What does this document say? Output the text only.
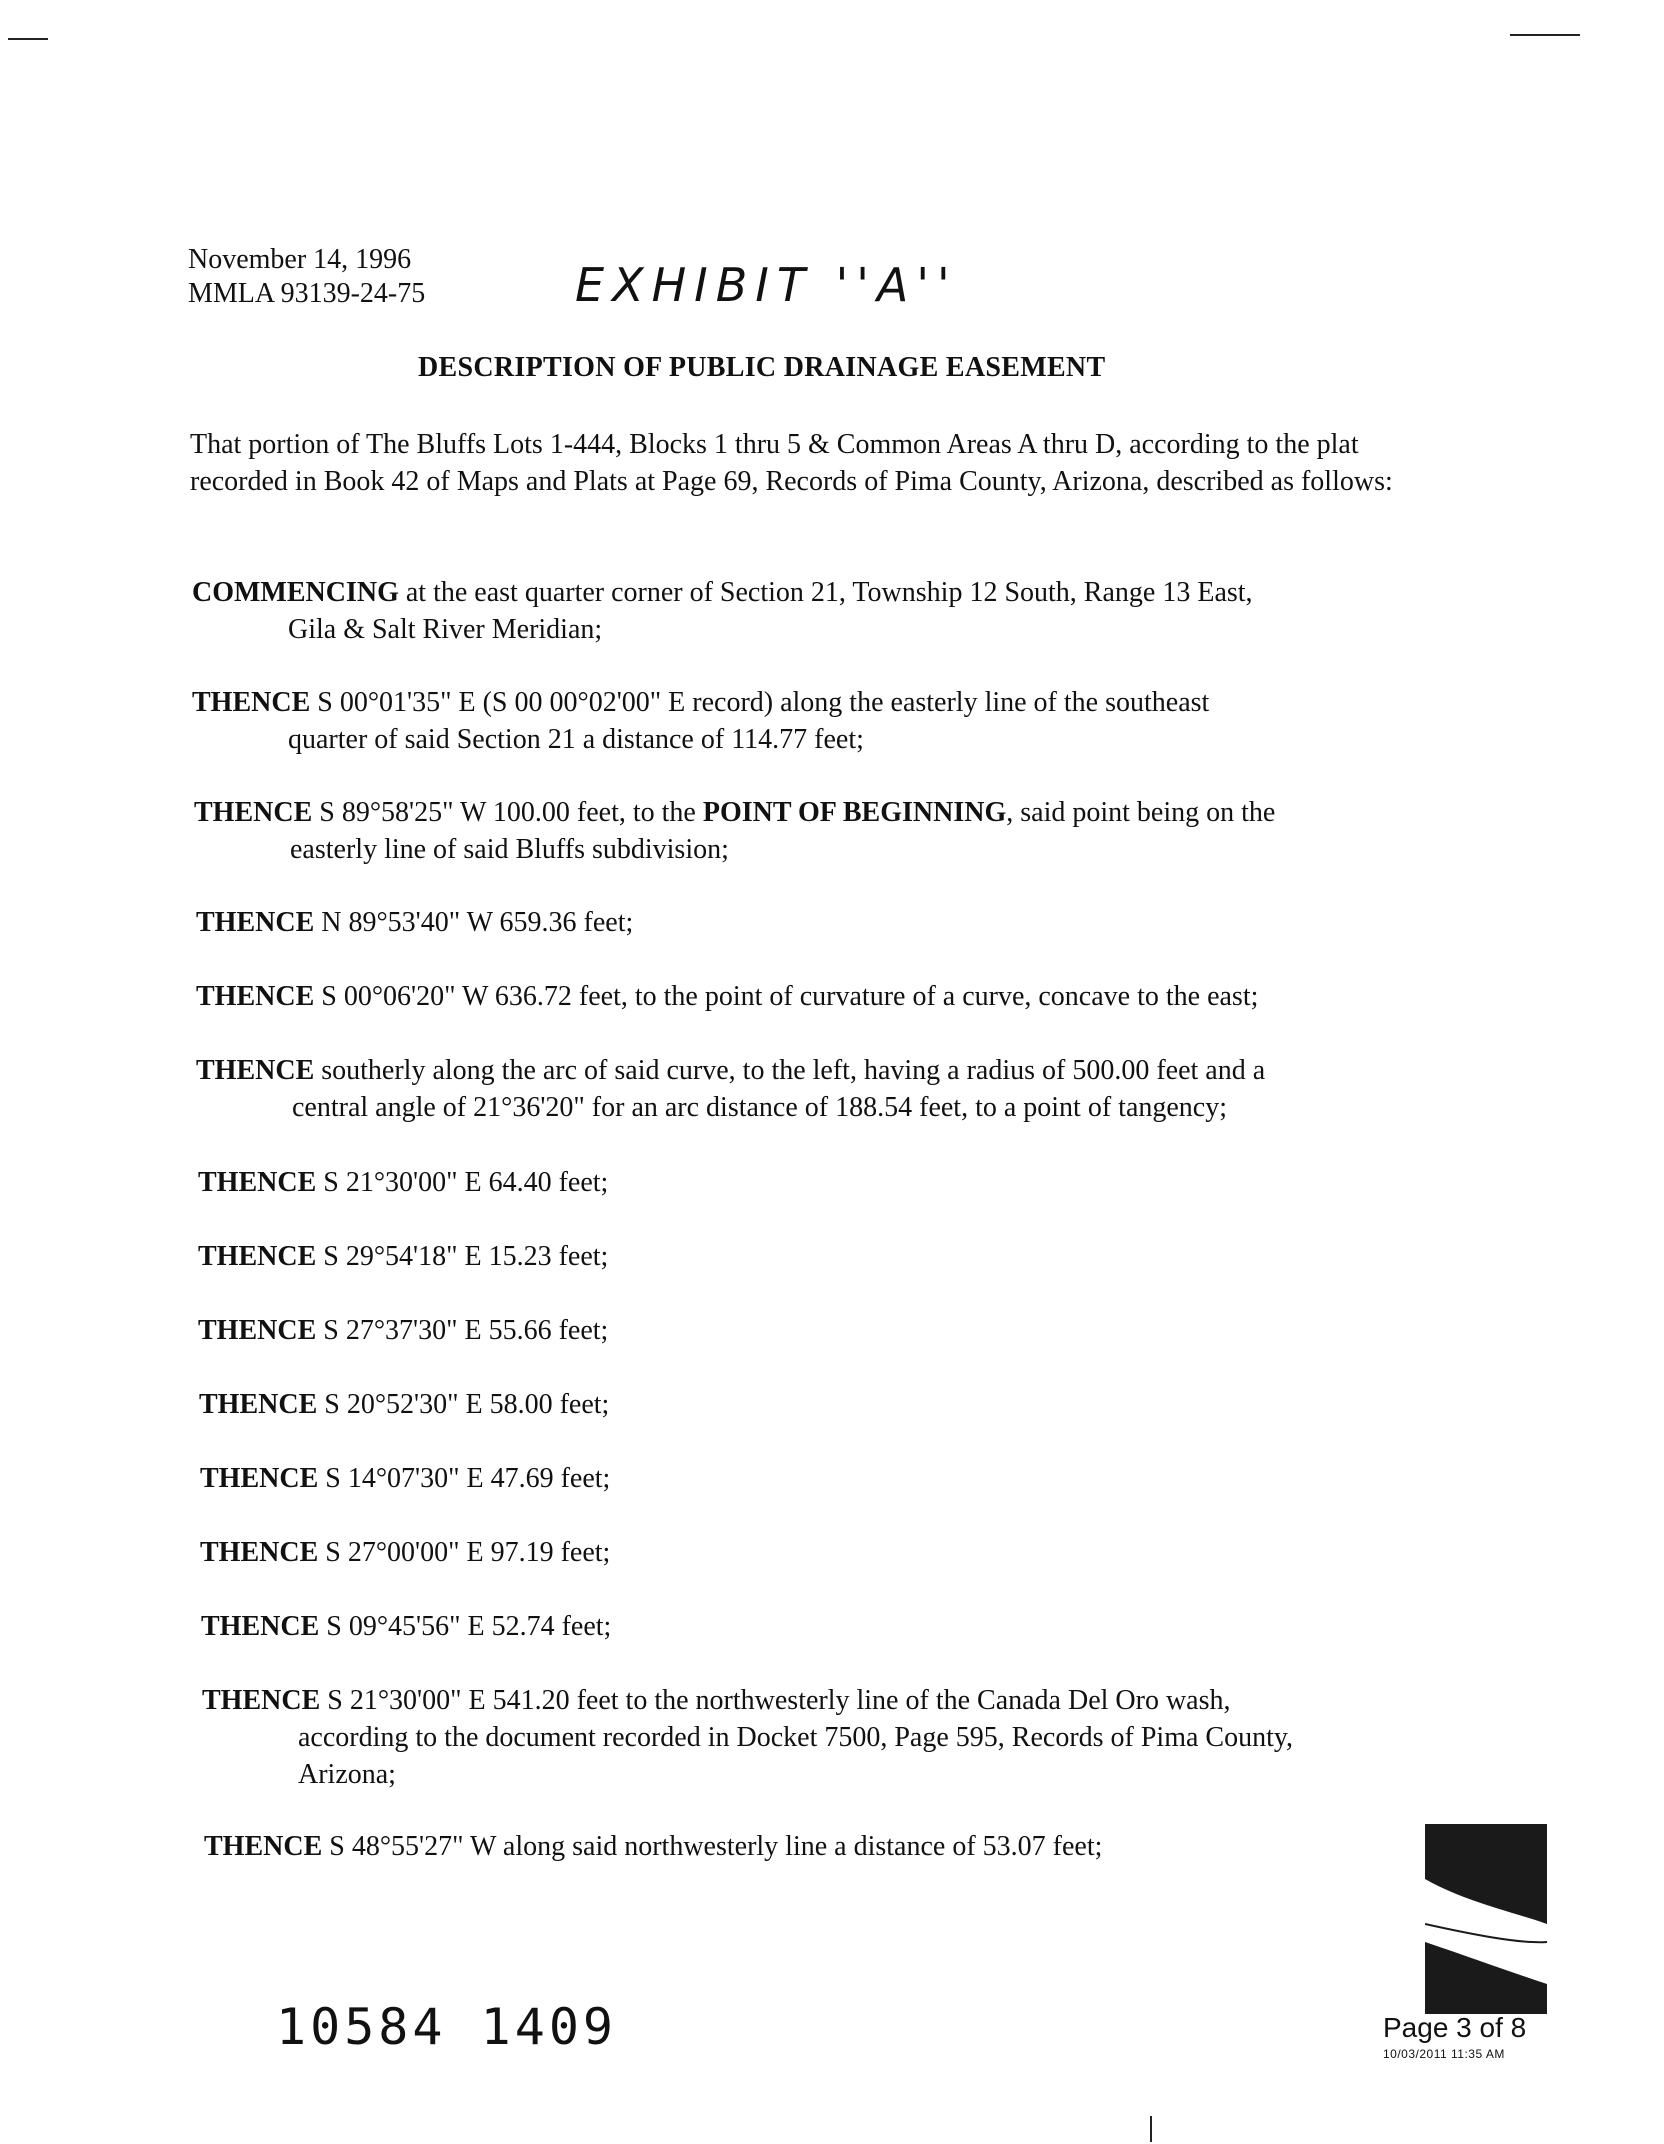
November 14, 1996
MMLA 93139-24-75	EXHIBIT ''A''
DESCRIPTION OF PUBLIC DRAINAGE EASEMENT
That portion of The Bluffs Lots 1-444, Blocks 1 thru 5 & Common Areas A thru D, according to the plat recorded in Book 42 of Maps and Plats at Page 69, Records of Pima County, Arizona, described as follows:
COMMENCING at the east quarter corner of Section 21, Township 12 South, Range 13 East,
Gila & Salt River Meridian;
THENCE S 00°01'35" E (S 00 00°02'00" E record) along the easterly line of the southeast
quarter of said Section 21 a distance of 114.77 feet;
THENCE S 89°58'25" W 100.00 feet, to the POINT OF BEGINNING, said point being on the
easterly line of said Bluffs subdivision;
THENCE N 89°53'40" W 659.36 feet;
THENCE S 00°06'20" W 636.72 feet, to the point of curvature of a curve, concave to the east;
THENCE southerly along the arc of said curve, to the left, having a radius of 500.00 feet and a
central angle of 21°36'20" for an arc distance of 188.54 feet, to a point of tangency;
THENCE S 21°30'00" E 64.40 feet;
THENCE S 29°54'18" E 15.23 feet;
THENCE S 27°37'30" E 55.66 feet;
THENCE S 20°52'30" E 58.00 feet;
THENCE S 14°07'30" E 47.69 feet;
THENCE S 27°00'00" E 97.19 feet;
THENCE S 09°45'56" E 52.74 feet;
THENCE S 21°30'00" E 541.20 feet to the northwesterly line of the Canada Del Oro wash,
according to the document recorded in Docket 7500, Page 595, Records of Pima County,
Arizona;
THENCE S 48°55'27" W along said northwesterly line a distance of 53.07 feet;
10584 1409	Page 3 of 8
10/03/2011 11:35 AM
